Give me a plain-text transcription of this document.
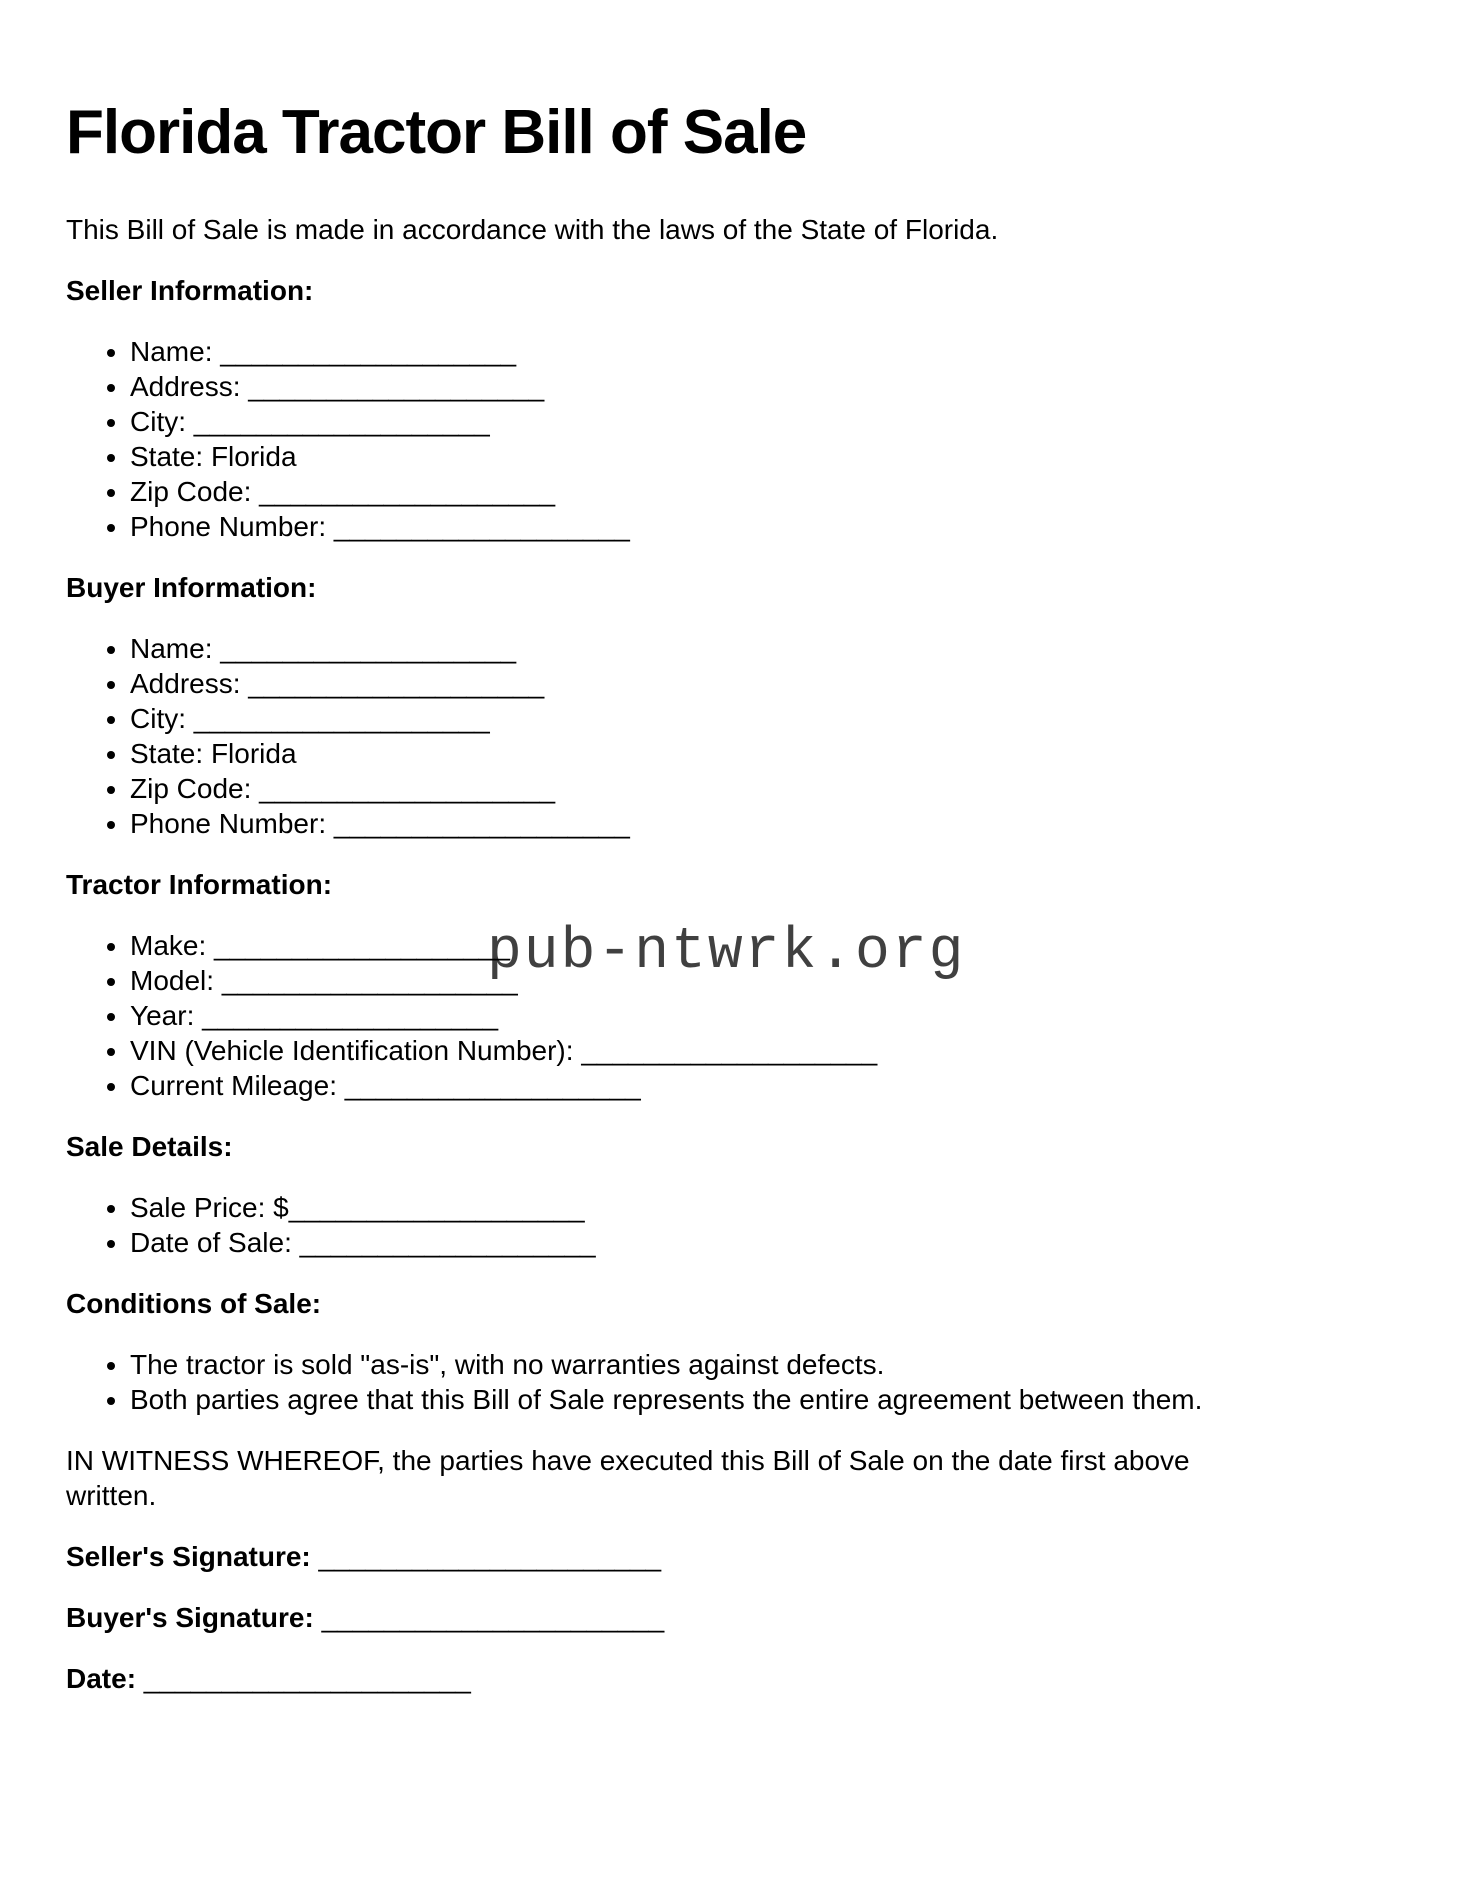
pub-ntwrk.org
Florida Tractor Bill of Sale

This Bill of Sale is made in accordance with the laws of the State of Florida.

Seller Information:
• Name: ___________________
• Address: ___________________
• City: ___________________
• State: Florida
• Zip Code: ___________________
• Phone Number: ___________________
Buyer Information:
• Name: ___________________
• Address: ___________________
• City: ___________________
• State: Florida
• Zip Code: ___________________
• Phone Number: ___________________
Tractor Information:
• Make: ___________________
• Model: ___________________
• Year: ___________________
• VIN (Vehicle Identification Number): ___________________
• Current Mileage: ___________________
Sale Details:
• Sale Price: $___________________
• Date of Sale: ___________________
Conditions of Sale:
• The tractor is sold "as-is", with no warranties against defects.
• Both parties agree that this Bill of Sale represents the entire agreement between them.

IN WITNESS WHEREOF, the parties have executed this Bill of Sale on the date first above written.

Seller's Signature: ______________________

Buyer's Signature: ______________________

Date: _____________________
